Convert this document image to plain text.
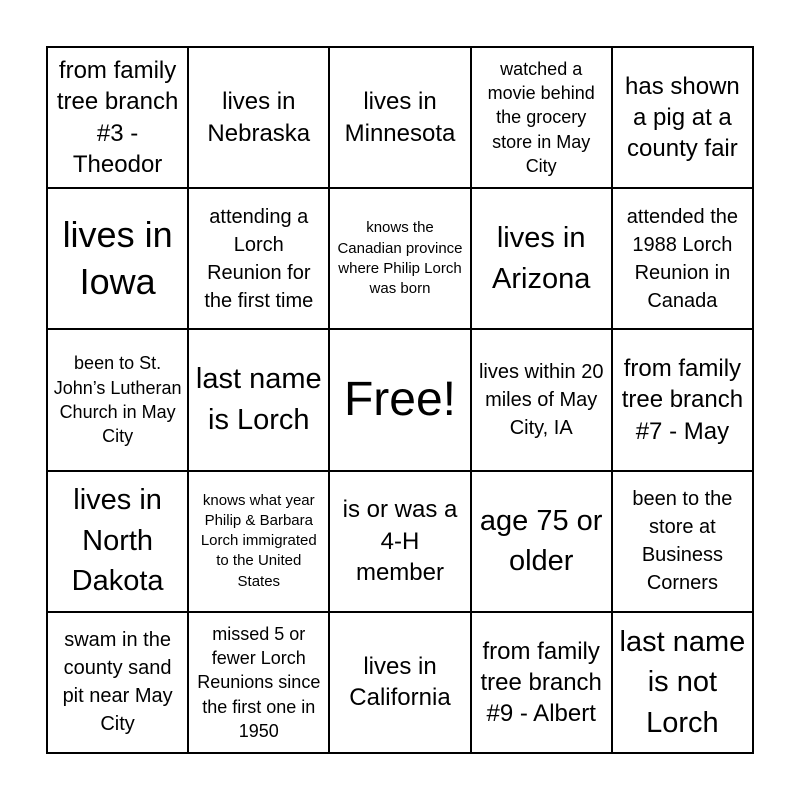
from family tree branch #3 - Theodor
lives in Nebraska
lives in Minnesota
watched a movie behind the grocery store in May City
has shown a pig at a county fair
lives in Iowa
attending a Lorch Reunion for the first time
knows the Canadian province where Philip Lorch was born
lives in Arizona
attended the 1988 Lorch Reunion in Canada
been to St. John’s Lutheran Church in May City
last name is Lorch Free!
lives within 20 miles of May City, IA
from family tree branch #7 - May
lives in North Dakota
knows what year Philip & Barbara Lorch immigrated to the United States
is or was a 4-H member
age 75 or older
been to the store at Business Corners
swam in the county sand pit near May City
missed 5 or fewer Lorch Reunions since the first one in 1950
lives in California
from family tree branch #9 - Albert
last name is not Lorch
